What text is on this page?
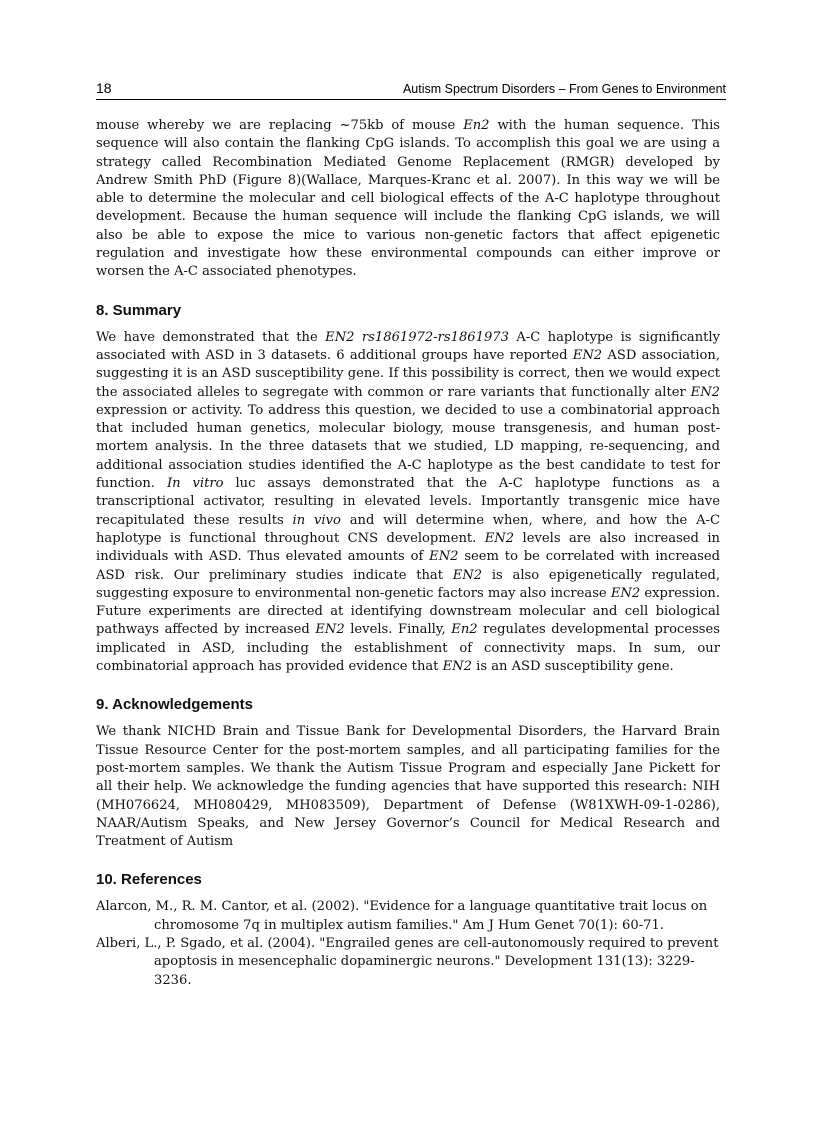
18	Autism Spectrum Disorders – From Genes to Environment

mouse whereby we are replacing ~75kb of mouse En2 with the human sequence. This sequence will also contain the flanking CpG islands. To accomplish this goal we are using a strategy called Recombination Mediated Genome Replacement (RMGR) developed by Andrew Smith PhD (Figure 8)(Wallace, Marques-Kranc et al. 2007). In this way we will be able to determine the molecular and cell biological effects of the A-C haplotype throughout development. Because the human sequence will include the flanking CpG islands, we will also be able to expose the mice to various non-genetic factors that affect epigenetic regulation and investigate how these environmental compounds can either improve or worsen the A-C associated phenotypes.

8. Summary

We have demonstrated that the EN2 rs1861972-rs1861973 A-C haplotype is significantly associated with ASD in 3 datasets. 6 additional groups have reported EN2 ASD association, suggesting it is an ASD susceptibility gene. If this possibility is correct, then we would expect the associated alleles to segregate with common or rare variants that functionally alter EN2 expression or activity. To address this question, we decided to use a combinatorial approach that included human genetics, molecular biology, mouse transgenesis, and human post-mortem analysis. In the three datasets that we studied, LD mapping, re-sequencing, and additional association studies identified the A-C haplotype as the best candidate to test for function. In vitro luc assays demonstrated that the A-C haplotype functions as a transcriptional activator, resulting in elevated levels. Importantly transgenic mice have recapitulated these results in vivo and will determine when, where, and how the A-C haplotype is functional throughout CNS development. EN2 levels are also increased in individuals with ASD. Thus elevated amounts of EN2 seem to be correlated with increased ASD risk. Our preliminary studies indicate that EN2 is also epigenetically regulated, suggesting exposure to environmental non-genetic factors may also increase EN2 expression. Future experiments are directed at identifying downstream molecular and cell biological pathways affected by increased EN2 levels. Finally, En2 regulates developmental processes implicated in ASD, including the establishment of connectivity maps. In sum, our combinatorial approach has provided evidence that EN2 is an ASD susceptibility gene.

9. Acknowledgements

We thank NICHD Brain and Tissue Bank for Developmental Disorders, the Harvard Brain Tissue Resource Center for the post-mortem samples, and all participating families for the post-mortem samples. We thank the Autism Tissue Program and especially Jane Pickett for all their help. We acknowledge the funding agencies that have supported this research: NIH (MH076624, MH080429, MH083509), Department of Defense (W81XWH-09-1-0286), NAAR/Autism Speaks, and New Jersey Governor’s Council for Medical Research and Treatment of Autism

10. References
Alarcon, M., R. M. Cantor, et al. (2002). "Evidence for a language quantitative trait locus on chromosome 7q in multiplex autism families." Am J Hum Genet 70(1): 60-71.
Alberi, L., P. Sgado, et al. (2004). "Engrailed genes are cell-autonomously required to prevent apoptosis in mesencephalic dopaminergic neurons." Development 131(13): 3229-3236.
